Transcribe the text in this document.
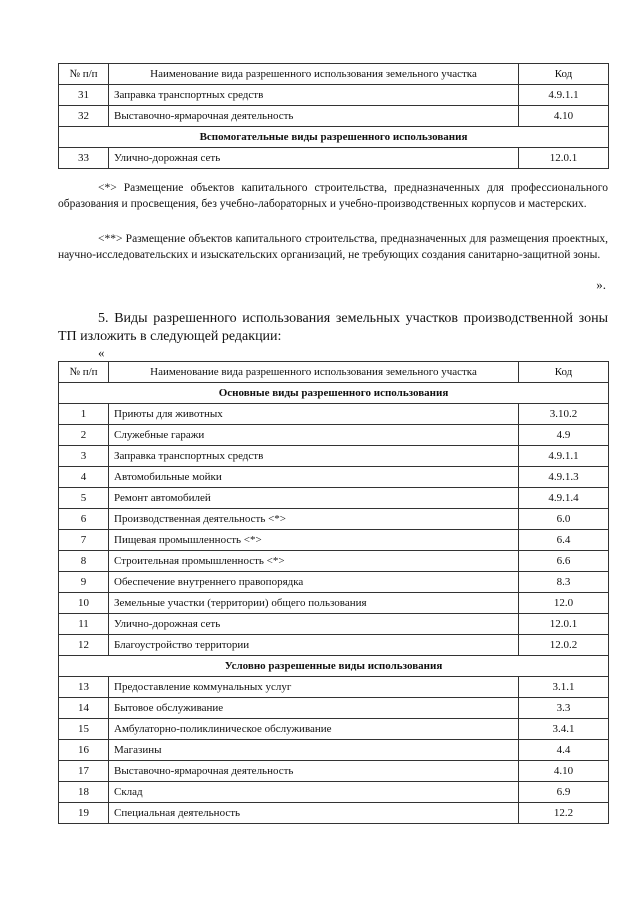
№ п/п	Наименование вида разрешенного использования земельного участка	Код
31	Заправка транспортных средств	4.9.1.1
32	Выставочно-ярмарочная деятельность	4.10
Вспомогательные виды разрешенного использования		
33	Улично-дорожная сеть	12.0.1

<*> Размещение объектов капитального строительства, предназначенных для профессионального образования и просвещения, без учебно-лабораторных и учебно-производственных корпусов и мастерских.

<**> Размещение объектов капитального строительства, предназначенных для размещения проектных, научно-исследовательских и изыскательских организаций, не требующих создания санитарно-защитной зоны.

».

5. Виды разрешенного использования земельных участков производственной зоны ТП изложить в следующей редакции:

«
№ п/п	Наименование вида разрешенного использования земельного участка	Код
Основные виды разрешенного использования		
1	Приюты для животных	3.10.2
2	Служебные гаражи	4.9
3	Заправка транспортных средств	4.9.1.1
4	Автомобильные мойки	4.9.1.3
5	Ремонт автомобилей	4.9.1.4
6	Производственная деятельность <*>	6.0
7	Пищевая промышленность <*>	6.4
8	Строительная промышленность <*>	6.6
9	Обеспечение внутреннего правопорядка	8.3
10	Земельные участки (территории) общего пользования	12.0
11	Улично-дорожная сеть	12.0.1
12	Благоустройство территории	12.0.2
Условно разрешенные виды использования		
13	Предоставление коммунальных услуг	3.1.1
14	Бытовое обслуживание	3.3
15	Амбулаторно-поликлиническое обслуживание	3.4.1
16	Магазины	4.4
17	Выставочно-ярмарочная деятельность	4.10
18	Склад	6.9
19	Специальная деятельность	12.2
